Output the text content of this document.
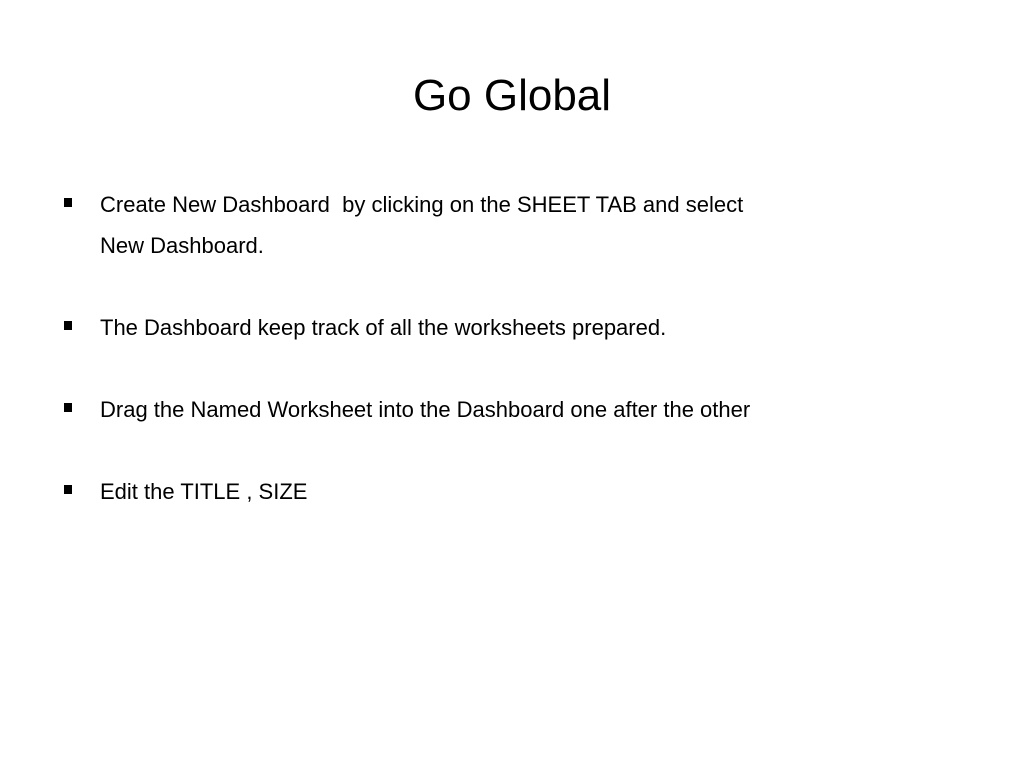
Go Global
Create New Dashboard  by clicking on the SHEET TAB and select
New Dashboard.
The Dashboard keep track of all the worksheets prepared.
Drag the Named Worksheet into the Dashboard one after the other
Edit the TITLE , SIZE
